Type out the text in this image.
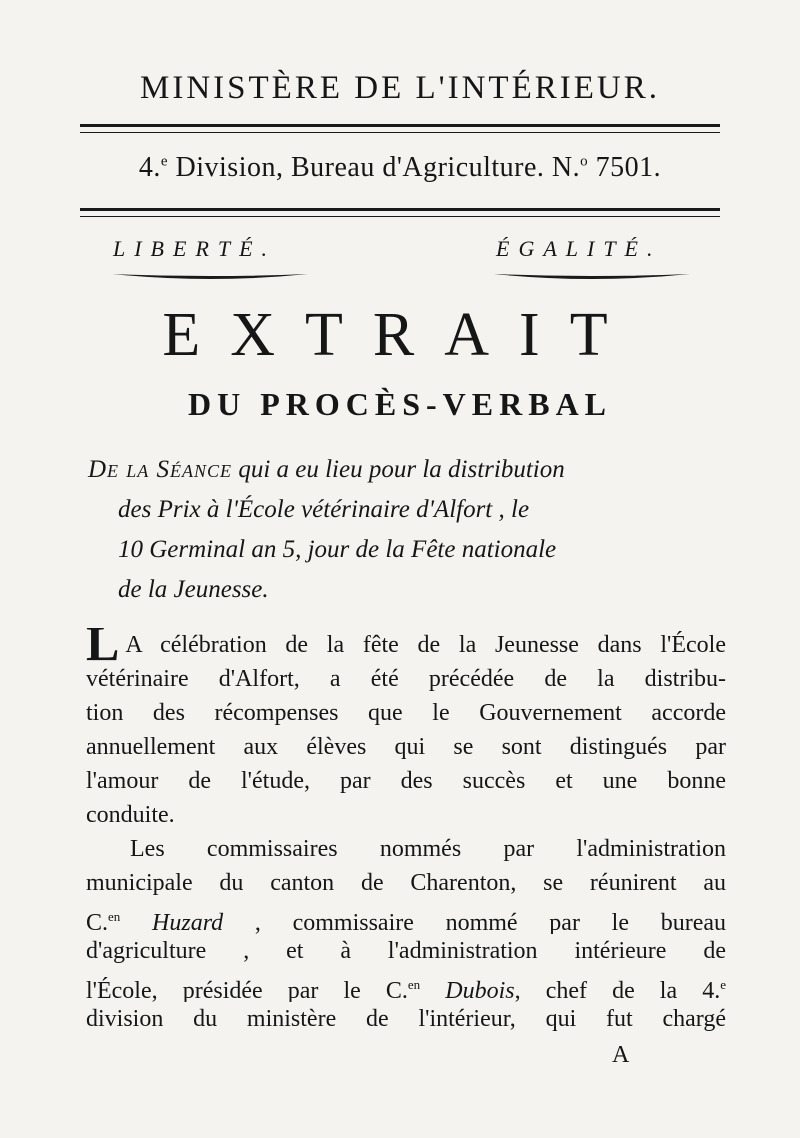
MINISTÈRE DE L'INTÉRIEUR.
4.$^e$ Division, Bureau d'Agriculture. N.$^o$ 7501.
LIBERTÉ.	ÉGALITÉ.
EXTRAIT
DU PROCÈS-VERBAL
De la Séance qui a eu lieu pour la distribution
des Prix à l'École vétérinaire d'Alfort , le
10 Germinal an 5, jour de la Fête nationale
de la Jeunesse.

L A célébration de la fête de la Jeunesse dans l'École
vétérinaire d'Alfort, a été précédée de la distribu-
tion des récompenses que le Gouvernement accorde
annuellement aux élèves qui se sont distingués par
l'amour de l'étude, par des succès et une bonne
conduite.

Les commissaires nommés par l'administration
municipale du canton de Charenton, se réunirent au
C.$^{en}$ Huzard , commissaire nommé par le bureau
d'agriculture , et à l'administration intérieure de
l'École, présidée par le C.$^{en}$ Dubois, chef de la 4.$^e$
division du ministère de l'intérieur, qui fut chargé

A
